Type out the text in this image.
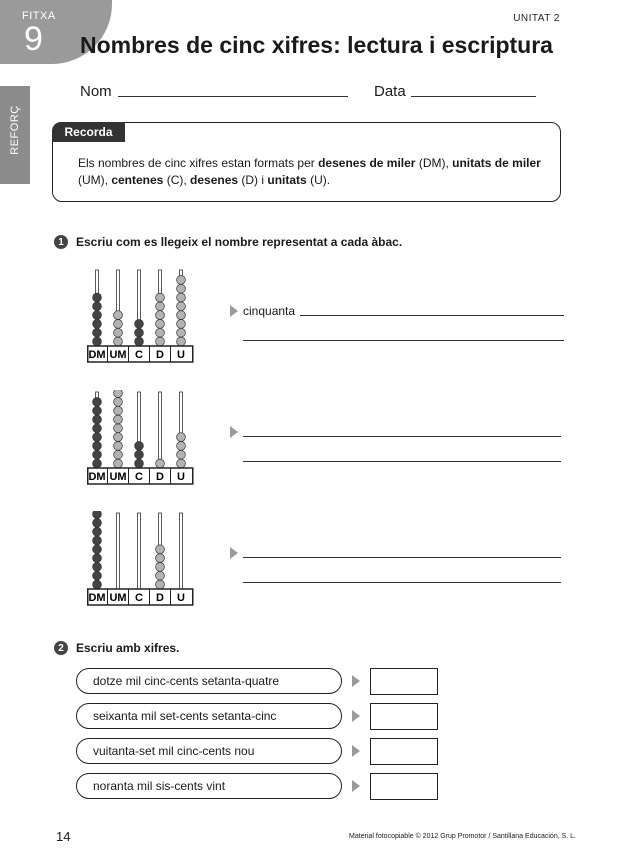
FITXA
9
UNITAT 2
Nombres de cinc xifres: lectura i escriptura
REFORÇ
Nom	Data
Recorda
Els nombres de cinc xifres estan formats per desenes de miler (DM), unitats de miler
(UM), centenes (C), desenes (D) i unitats (U).
1	Escriu com es llegeix el nombre representat a cada àbac.
DM UM C D U
DM UM C D U
DM UM C D U
cinquanta
2	Escriu amb xifres.
dotze mil cinc-cents setanta-quatre
seixanta mil set-cents setanta-cinc
vuitanta-set mil cinc-cents nou
noranta mil sis-cents vint
14	Material fotocopiable © 2012 Grup Promotor / Santillana Educación, S. L.
